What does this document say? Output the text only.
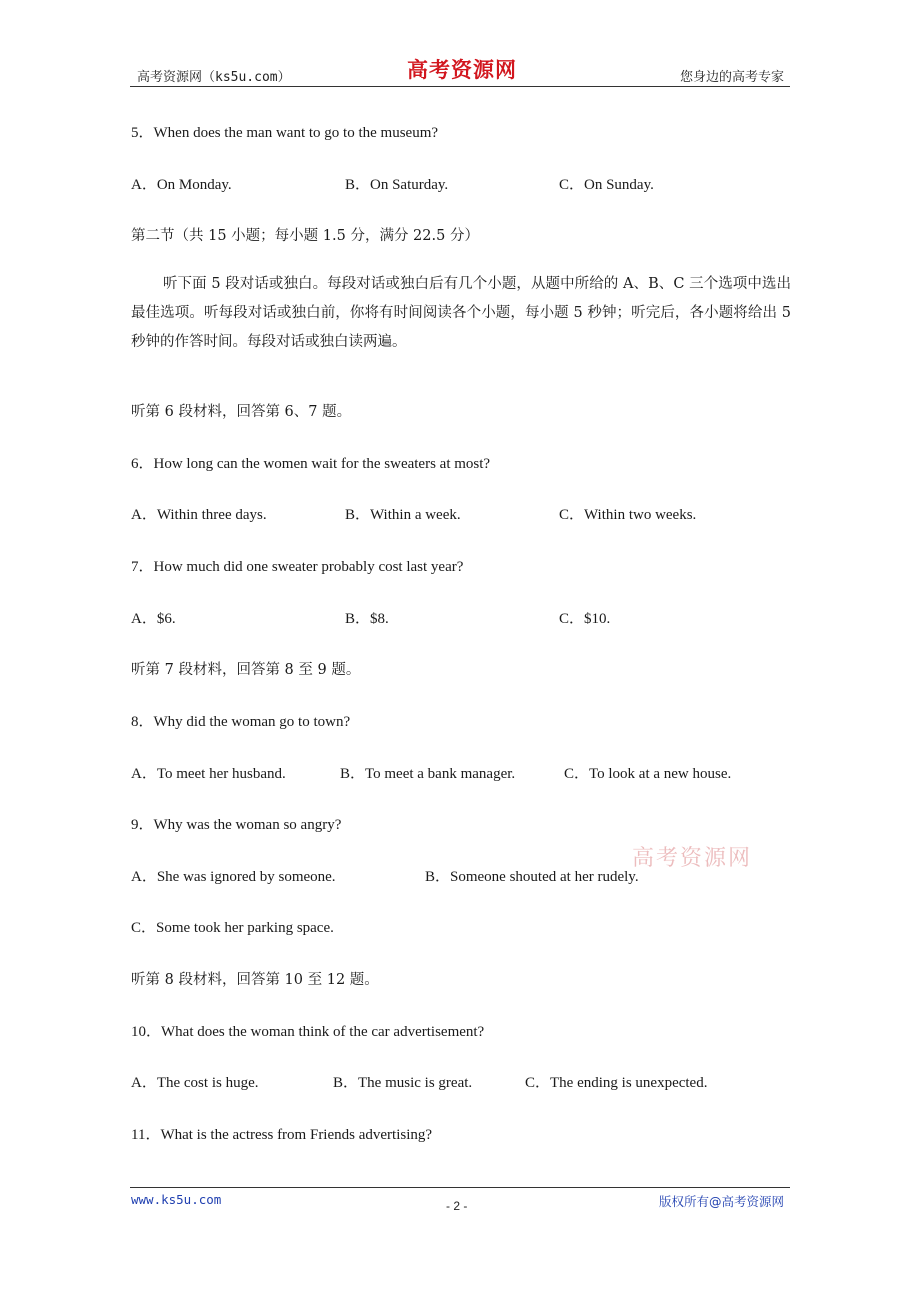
高考资源网（ks5u.com）	高考资源网	您身边的高考专家
5．When does the man want to go to the museum?
A．On Monday.	B．On Saturday.	C．On Sunday.
第二节（共 15 小题；每小题 1.5 分，满分 22.5 分）
听下面 5 段对话或独白。每段对话或独白后有几个小题，从题中所给的 A、B、C 三个选项中选出最佳选项。听每段对话或独白前，你将有时间阅读各个小题，每小题 5 秒钟；听完后，各小题将给出 5 秒钟的作答时间。每段对话或独白读两遍。
听第 6 段材料，回答第 6、7 题。
6．How long can the women wait for the sweaters at most?
A．Within three days.	B．Within a week.	C．Within two weeks.
7．How much did one sweater probably cost last year?
A．$6.	B．$8.	C．$10.
听第 7 段材料，回答第 8 至 9 题。
8．Why did the woman go to town?
A．To meet her husband.	B．To meet a bank manager.	C．To look at a new house.
9．Why was the woman so angry?
高考资源网
A．She was ignored by someone.	B．Someone shouted at her rudely.
C．Some took her parking space.
听第 8 段材料，回答第 10 至 12 题。
10．What does the woman think of the car advertisement?
A．The cost is huge.	B．The music is great.	C．The ending is unexpected.
11．What is the actress from Friends advertising?
www.ks5u.com	- 2 -	版权所有@高考资源网
